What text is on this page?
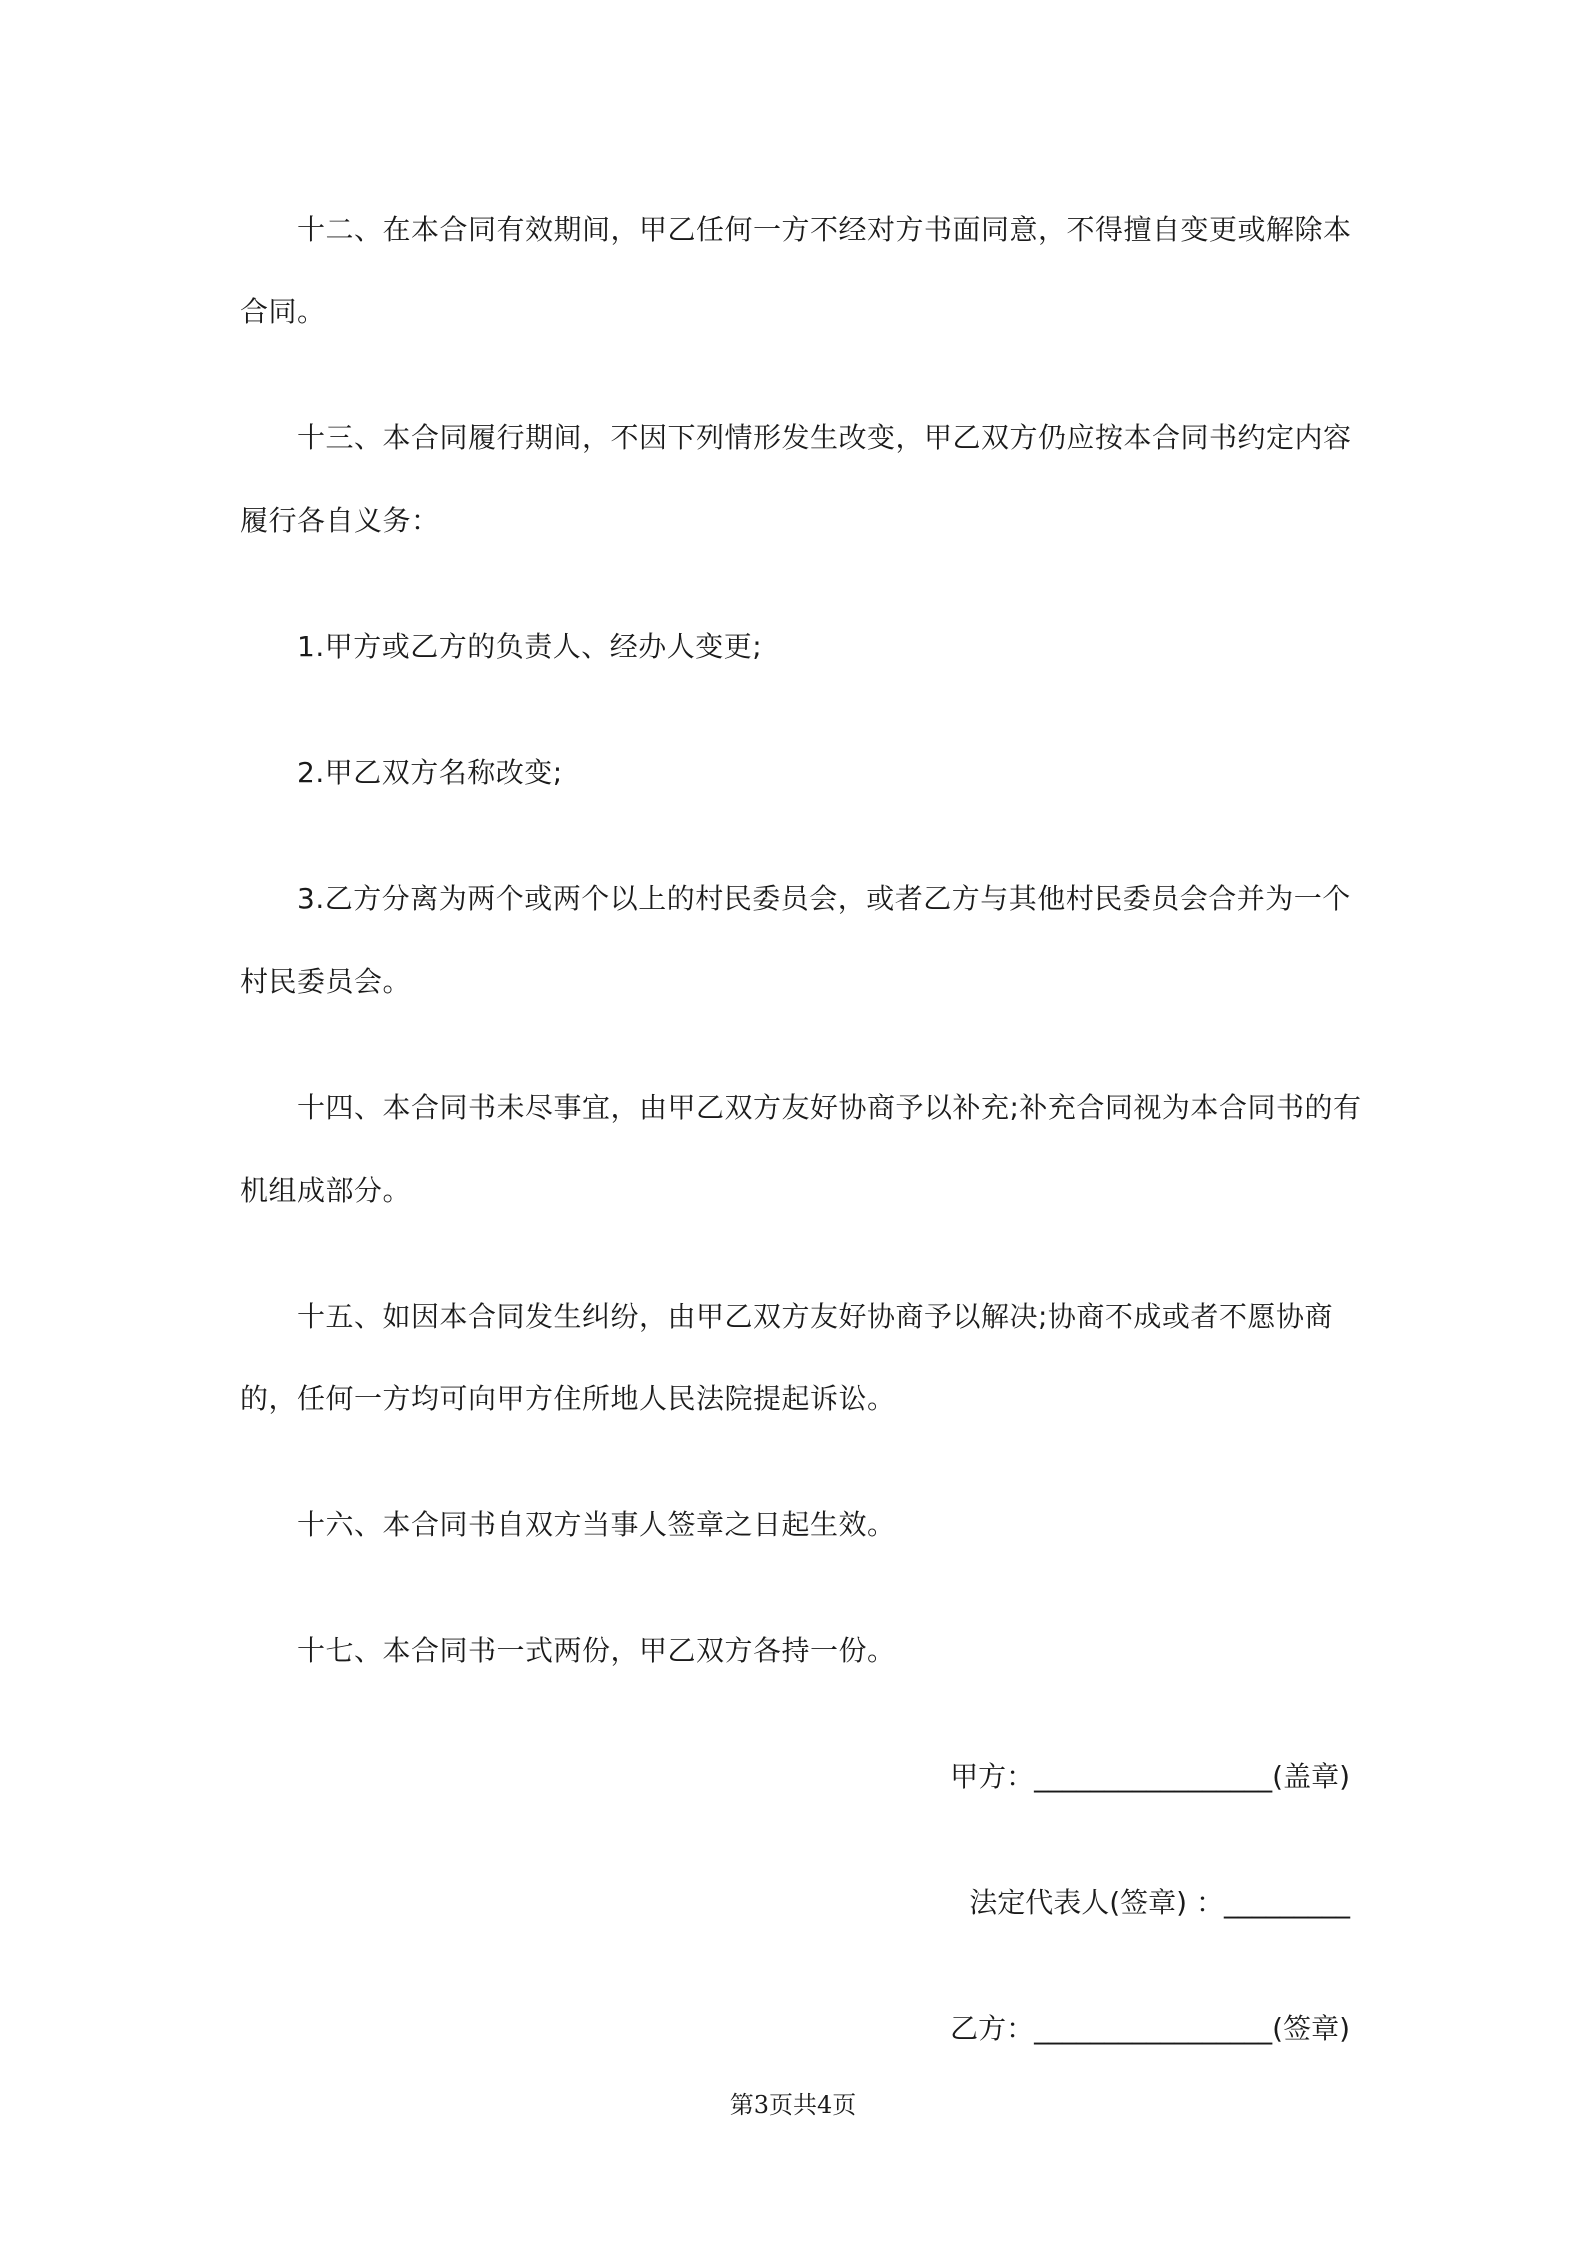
十二、在本合同有效期间，甲乙任何一方不经对方书面同意，不得擅自变更或解除本
合同。
十三、本合同履行期间，不因下列情形发生改变，甲乙双方仍应按本合同书约定内容
履行各自义务：
1.甲方或乙方的负责人、经办人变更;
2.甲乙双方名称改变;
3.乙方分离为两个或两个以上的村民委员会，或者乙方与其他村民委员会合并为一个
村民委员会。
十四、本合同书未尽事宜，由甲乙双方友好协商予以补充;补充合同视为本合同书的有
机组成部分。
十五、如因本合同发生纠纷，由甲乙双方友好协商予以解决;协商不成或者不愿协商
的，任何一方均可向甲方住所地人民法院提起诉讼。
十六、本合同书自双方当事人签章之日起生效。
十七、本合同书一式两份，甲乙双方各持一份。
甲方：_________________(盖章)
法定代表人(签章) ：_________
乙方：_________________(签章)
第3页共4页
